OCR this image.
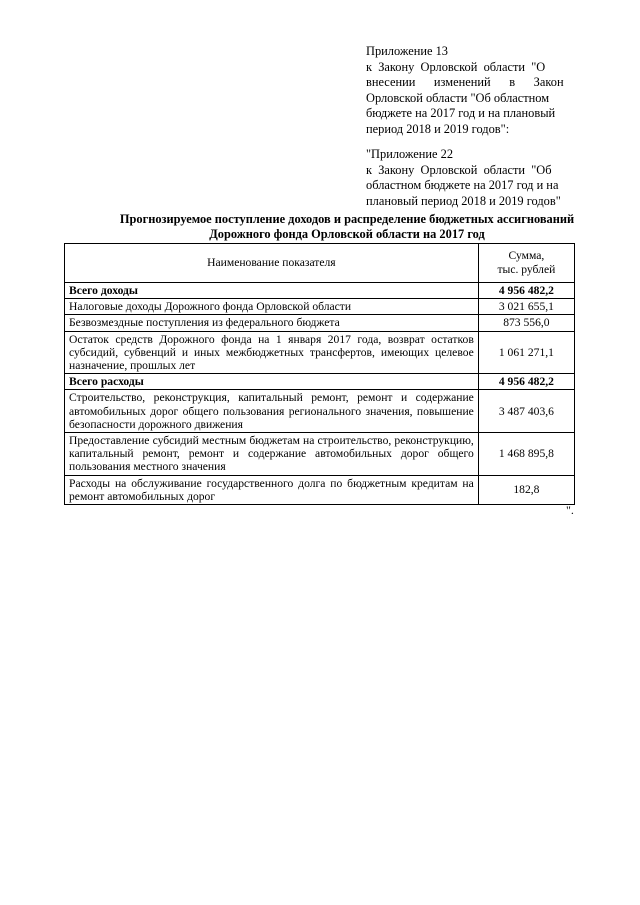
Приложение 13
к  Закону  Орловской  области  "О
внесении      изменений      в      Закон
Орловской области "Об областном
бюджете на 2017 год и на плановый
период 2018 и 2019 годов":
"Приложение 22
к  Закону  Орловской  области  "Об
областном бюджете на 2017 год и на
плановый период 2018 и 2019 годов"
Прогнозируемое поступление доходов и распределение бюджетных ассигнований
Дорожного фонда Орловской области на 2017 год
Наименование показателя	Сумма,
тыс. рублей

Всего доходы	4 956 482,2
Налоговые доходы Дорожного фонда Орловской области	3 021 655,1
Безвозмездные поступления из федерального бюджета	873 556,0
Остаток средств Дорожного фонда на 1 января 2017 года, возврат остатков субсидий, субвенций и иных межбюджетных трансфертов, имеющих целевое назначение, прошлых лет	1 061 271,1
Всего расходы	4 956 482,2
Строительство, реконструкция, капитальный ремонт, ремонт и содержание автомобильных дорог общего пользования регионального значения, повышение безопасности дорожного движения	3 487 403,6
Предоставление субсидий местным бюджетам на строительство, реконструкцию, капитальный ремонт, ремонт и содержание автомобильных дорог общего пользования местного значения	1 468 895,8
Расходы на обслуживание государственного долга по бюджетным кредитам на ремонт автомобильных дорог	182,8
".
